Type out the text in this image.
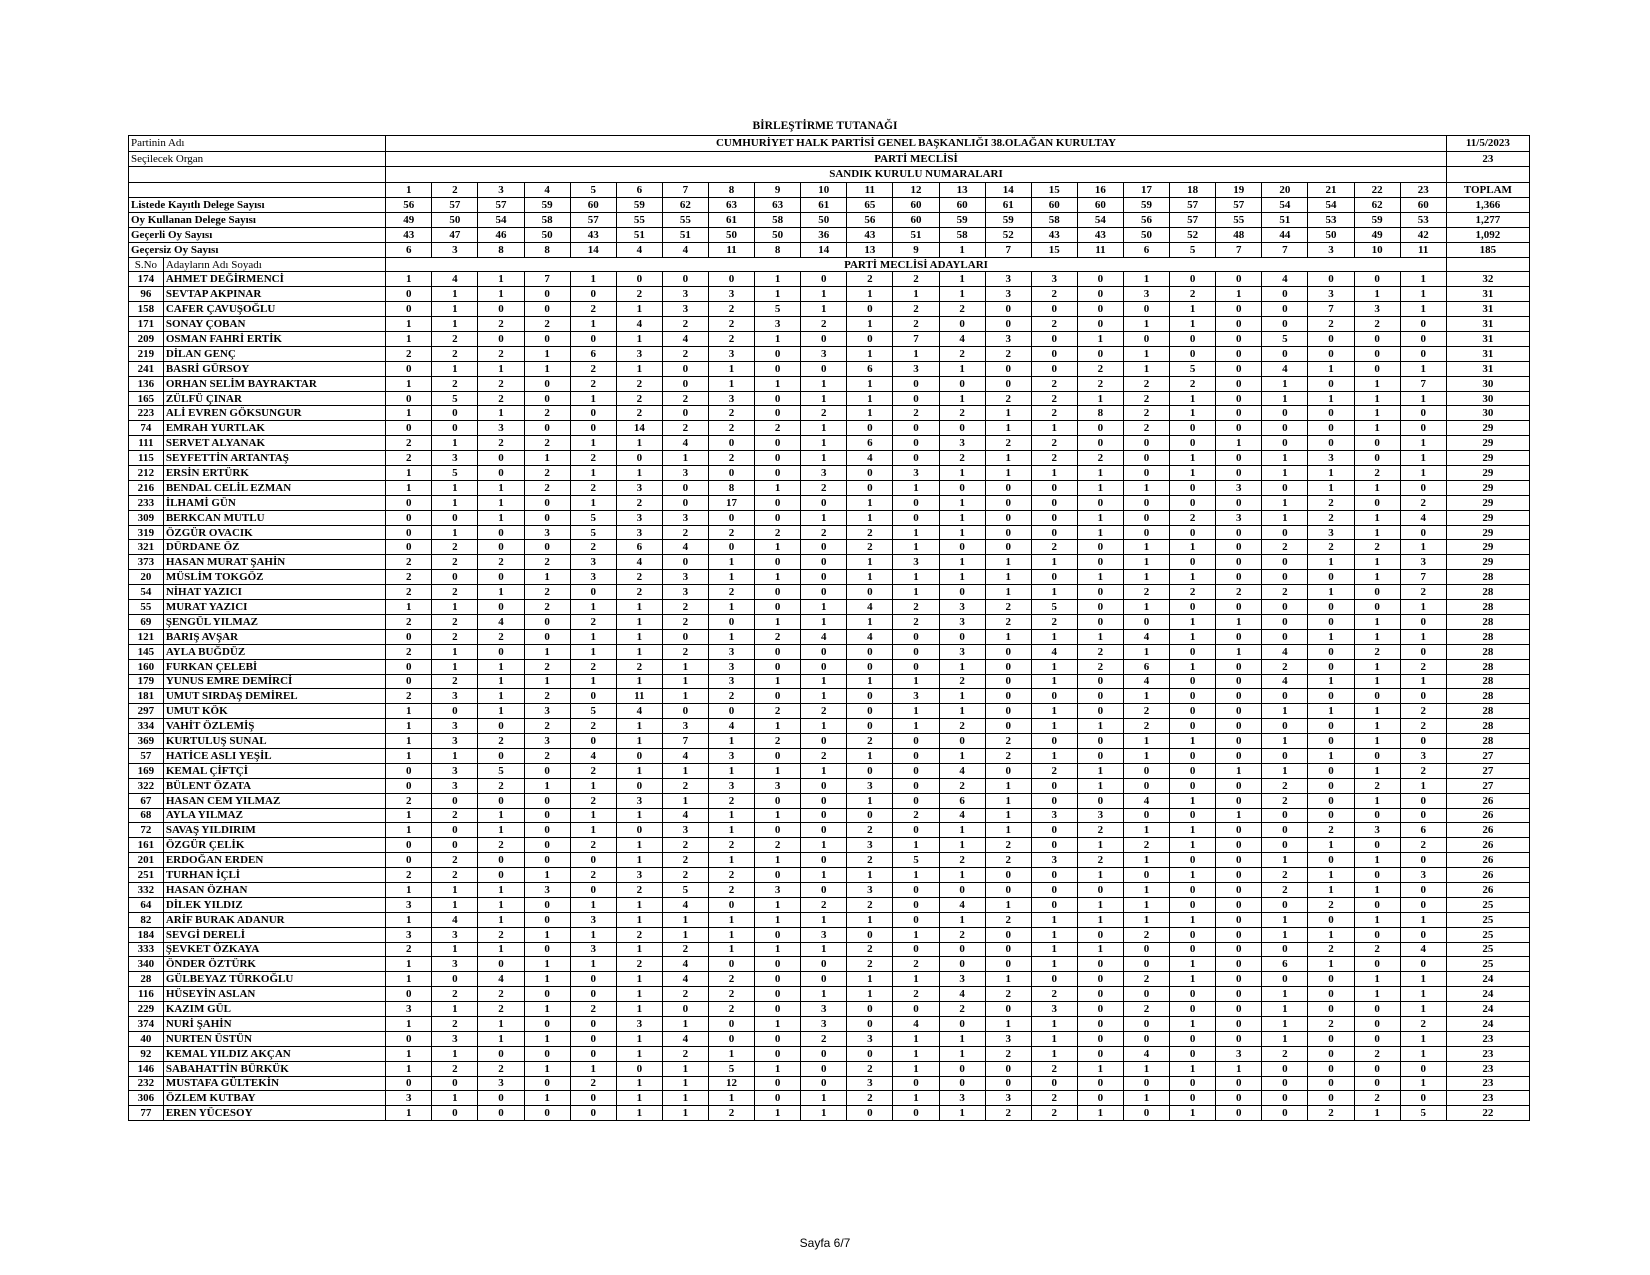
BİRLEŞTİRME TUTANAĞI
Partinin Adı		CUMHURİYET HALK PARTİSİ GENEL BAŞKANLIĞI 38.OLAĞAN KURULTAY																							11/5/2023
Seçilecek Organ		PARTİ MECLİSİ																							23
		SANDIK KURULU NUMARALARI																							
		1	2	3	4	5	6	7	8	9	10	11	12	13	14	15	16	17	18	19	20	21	22	23	TOPLAM
Listede Kayıtlı Delege Sayısı		56	57	57	59	60	59	62	63	63	61	65	60	60	61	60	60	59	57	57	54	54	62	60	1,366
Oy Kullanan Delege Sayısı		49	50	54	58	57	55	55	61	58	50	56	60	59	59	58	54	56	57	55	51	53	59	53	1,277
Geçerli Oy Sayısı		43	47	46	50	43	51	51	50	50	36	43	51	58	52	43	43	50	52	48	44	50	49	42	1,092
Geçersiz Oy Sayısı		6	3	8	8	14	4	4	11	8	14	13	9	1	7	15	11	6	5	7	7	3	10	11	185
S.No	Adayların Adı Soyadı	PARTİ MECLİSİ ADAYLARI																							
174	AHMET DEĞİRMENCİ	1	4	1	7	1	0	0	0	1	0	2	2	1	3	3	0	1	0	0	4	0	0	1	32
96	SEVTAP AKPINAR	0	1	1	0	0	2	3	3	1	1	1	1	1	3	2	0	3	2	1	0	3	1	1	31
158	CAFER ÇAVUŞOĞLU	0	1	0	0	2	1	3	2	5	1	0	2	2	0	0	0	0	1	0	0	7	3	1	31
171	SONAY ÇOBAN	1	1	2	2	1	4	2	2	3	2	1	2	0	0	2	0	1	1	0	0	2	2	0	31
209	OSMAN FAHRİ ERTİK	1	2	0	0	0	1	4	2	1	0	0	7	4	3	0	1	0	0	0	5	0	0	0	31
219	DİLAN GENÇ	2	2	2	1	6	3	2	3	0	3	1	1	2	2	0	0	1	0	0	0	0	0	0	31
241	BASRİ GÜRSOY	0	1	1	1	2	1	0	1	0	0	6	3	1	0	0	2	1	5	0	4	1	0	1	31
136	ORHAN SELİM BAYRAKTAR	1	2	2	0	2	2	0	1	1	1	1	0	0	0	2	2	2	2	0	1	0	1	7	30
165	ZÜLFÜ ÇINAR	0	5	2	0	1	2	2	3	0	1	1	0	1	2	2	1	2	1	0	1	1	1	1	30
223	ALİ EVREN GÖKSUNGUR	1	0	1	2	0	2	0	2	0	2	1	2	2	1	2	8	2	1	0	0	0	1	0	30
74	EMRAH YURTLAK	0	0	3	0	0	14	2	2	2	1	0	0	0	1	1	0	2	0	0	0	0	1	0	29
111	SERVET ALYANAK	2	1	2	2	1	1	4	0	0	1	6	0	3	2	2	0	0	0	1	0	0	0	1	29
115	SEYFETTİN ARTANTAŞ	2	3	0	1	2	0	1	2	0	1	4	0	2	1	2	2	0	1	0	1	3	0	1	29
212	ERSİN ERTÜRK	1	5	0	2	1	1	3	0	0	3	0	3	1	1	1	1	0	1	0	1	1	2	1	29
216	BENDAL CELİL EZMAN	1	1	1	2	2	3	0	8	1	2	0	1	0	0	0	1	1	0	3	0	1	1	0	29
233	İLHAMİ GÜN	0	1	1	0	1	2	0	17	0	0	1	0	1	0	0	0	0	0	0	1	2	0	2	29
309	BERKCAN MUTLU	0	0	1	0	5	3	3	0	0	1	1	0	1	0	0	1	0	2	3	1	2	1	4	29
319	ÖZGÜR OVACIK	0	1	0	3	5	3	2	2	2	2	2	1	1	0	0	1	0	0	0	0	3	1	0	29
321	DÜRDANE ÖZ	0	2	0	0	2	6	4	0	1	0	2	1	0	0	2	0	1	1	0	2	2	2	1	29
373	HASAN MURAT ŞAHİN	2	2	2	2	3	4	0	1	0	0	1	3	1	1	1	0	1	0	0	0	1	1	3	29
20	MÜSLİM TOKGÖZ	2	0	0	1	3	2	3	1	1	0	1	1	1	1	0	1	1	1	0	0	0	1	7	28
54	NİHAT YAZICI	2	2	1	2	0	2	3	2	0	0	0	1	0	1	1	0	2	2	2	2	1	0	2	28
55	MURAT YAZICI	1	1	0	2	1	1	2	1	0	1	4	2	3	2	5	0	1	0	0	0	0	0	1	28
69	ŞENGÜL YILMAZ	2	2	4	0	2	1	2	0	1	1	1	2	3	2	2	0	0	1	1	0	0	1	0	28
121	BARIŞ AVŞAR	0	2	2	0	1	1	0	1	2	4	4	0	0	1	1	1	4	1	0	0	1	1	1	28
145	AYLA BUĞDÜZ	2	1	0	1	1	1	2	3	0	0	0	0	3	0	4	2	1	0	1	4	0	2	0	28
160	FURKAN ÇELEBİ	0	1	1	2	2	2	1	3	0	0	0	0	1	0	1	2	6	1	0	2	0	1	2	28
179	YUNUS EMRE DEMİRCİ	0	2	1	1	1	1	1	3	1	1	1	1	2	0	1	0	4	0	0	4	1	1	1	28
181	UMUT SIRDAŞ DEMİREL	2	3	1	2	0	11	1	2	0	1	0	3	1	0	0	0	1	0	0	0	0	0	0	28
297	UMUT KÖK	1	0	1	3	5	4	0	0	2	2	0	1	1	0	1	0	2	0	0	1	1	1	2	28
334	VAHİT ÖZLEMİŞ	1	3	0	2	2	1	3	4	1	1	0	1	2	0	1	1	2	0	0	0	0	1	2	28
369	KURTULUŞ SUNAL	1	3	2	3	0	1	7	1	2	0	2	0	0	2	0	0	1	1	0	1	0	1	0	28
57	HATİCE ASLI YEŞİL	1	1	0	2	4	0	4	3	0	2	1	0	1	2	1	0	1	0	0	0	1	0	3	27
169	KEMAL ÇİFTÇİ	0	3	5	0	2	1	1	1	1	1	0	0	4	0	2	1	0	0	1	1	0	1	2	27
322	BÜLENT ÖZATA	0	3	2	1	1	0	2	3	3	0	3	0	2	1	0	1	0	0	0	2	0	2	1	27
67	HASAN CEM YILMAZ	2	0	0	0	2	3	1	2	0	0	1	0	6	1	0	0	4	1	0	2	0	1	0	26
68	AYLA YILMAZ	1	2	1	0	1	1	4	1	1	0	0	2	4	1	3	3	0	0	1	0	0	0	0	26
72	SAVAŞ YILDIRIM	1	0	1	0	1	0	3	1	0	0	2	0	1	1	0	2	1	1	0	0	2	3	6	26
161	ÖZGÜR ÇELİK	0	0	2	0	2	1	2	2	2	1	3	1	1	2	0	1	2	1	0	0	1	0	2	26
201	ERDOĞAN ERDEN	0	2	0	0	0	1	2	1	1	0	2	5	2	2	3	2	1	0	0	1	0	1	0	26
251	TURHAN İÇLİ	2	2	0	1	2	3	2	2	0	1	1	1	1	0	0	1	0	1	0	2	1	0	3	26
332	HASAN ÖZHAN	1	1	1	3	0	2	5	2	3	0	3	0	0	0	0	0	1	0	0	2	1	1	0	26
64	DİLEK YILDIZ	3	1	1	0	1	1	4	0	1	2	2	0	4	1	0	1	1	0	0	0	2	0	0	25
82	ARİF BURAK ADANUR	1	4	1	0	3	1	1	1	1	1	1	0	1	2	1	1	1	1	0	1	0	1	1	25
184	SEVGİ DERELİ	3	3	2	1	1	2	1	1	0	3	0	1	2	0	1	0	2	0	0	1	1	0	0	25
333	ŞEVKET ÖZKAYA	2	1	1	0	3	1	2	1	1	1	2	0	0	0	1	1	0	0	0	0	2	2	4	25
340	ÖNDER ÖZTÜRK	1	3	0	1	1	2	4	0	0	0	2	2	0	0	1	0	0	1	0	6	1	0	0	25
28	GÜLBEYAZ TÜRKOĞLU	1	0	4	1	0	1	4	2	0	0	1	1	3	1	0	0	2	1	0	0	0	1	1	24
116	HÜSEYİN ASLAN	0	2	2	0	0	1	2	2	0	1	1	2	4	2	2	0	0	0	0	1	0	1	1	24
229	KAZIM GÜL	3	1	2	1	2	1	0	2	0	3	0	0	2	0	3	0	2	0	0	1	0	0	1	24
374	NURİ ŞAHİN	1	2	1	0	0	3	1	0	1	3	0	4	0	1	1	0	0	1	0	1	2	0	2	24
40	NURTEN ÜSTÜN	0	3	1	1	0	1	4	0	0	2	3	1	1	3	1	0	0	0	0	1	0	0	1	23
92	KEMAL YILDIZ AKÇAN	1	1	0	0	0	1	2	1	0	0	0	1	1	2	1	0	4	0	3	2	0	2	1	23
146	SABAHATTİN BÜRKÜK	1	2	2	1	1	0	1	5	1	0	2	1	0	0	2	1	1	1	1	0	0	0	0	23
232	MUSTAFA GÜLTEKİN	0	0	3	0	2	1	1	12	0	0	3	0	0	0	0	0	0	0	0	0	0	0	1	23
306	ÖZLEM KUTBAY	3	1	0	1	0	1	1	1	0	1	2	1	3	3	2	0	1	0	0	0	0	2	0	23
77	EREN YÜCESOY	1	0	0	0	0	1	1	2	1	1	0	0	1	2	2	1	0	1	0	0	2	1	5	22
Sayfa 6/7
